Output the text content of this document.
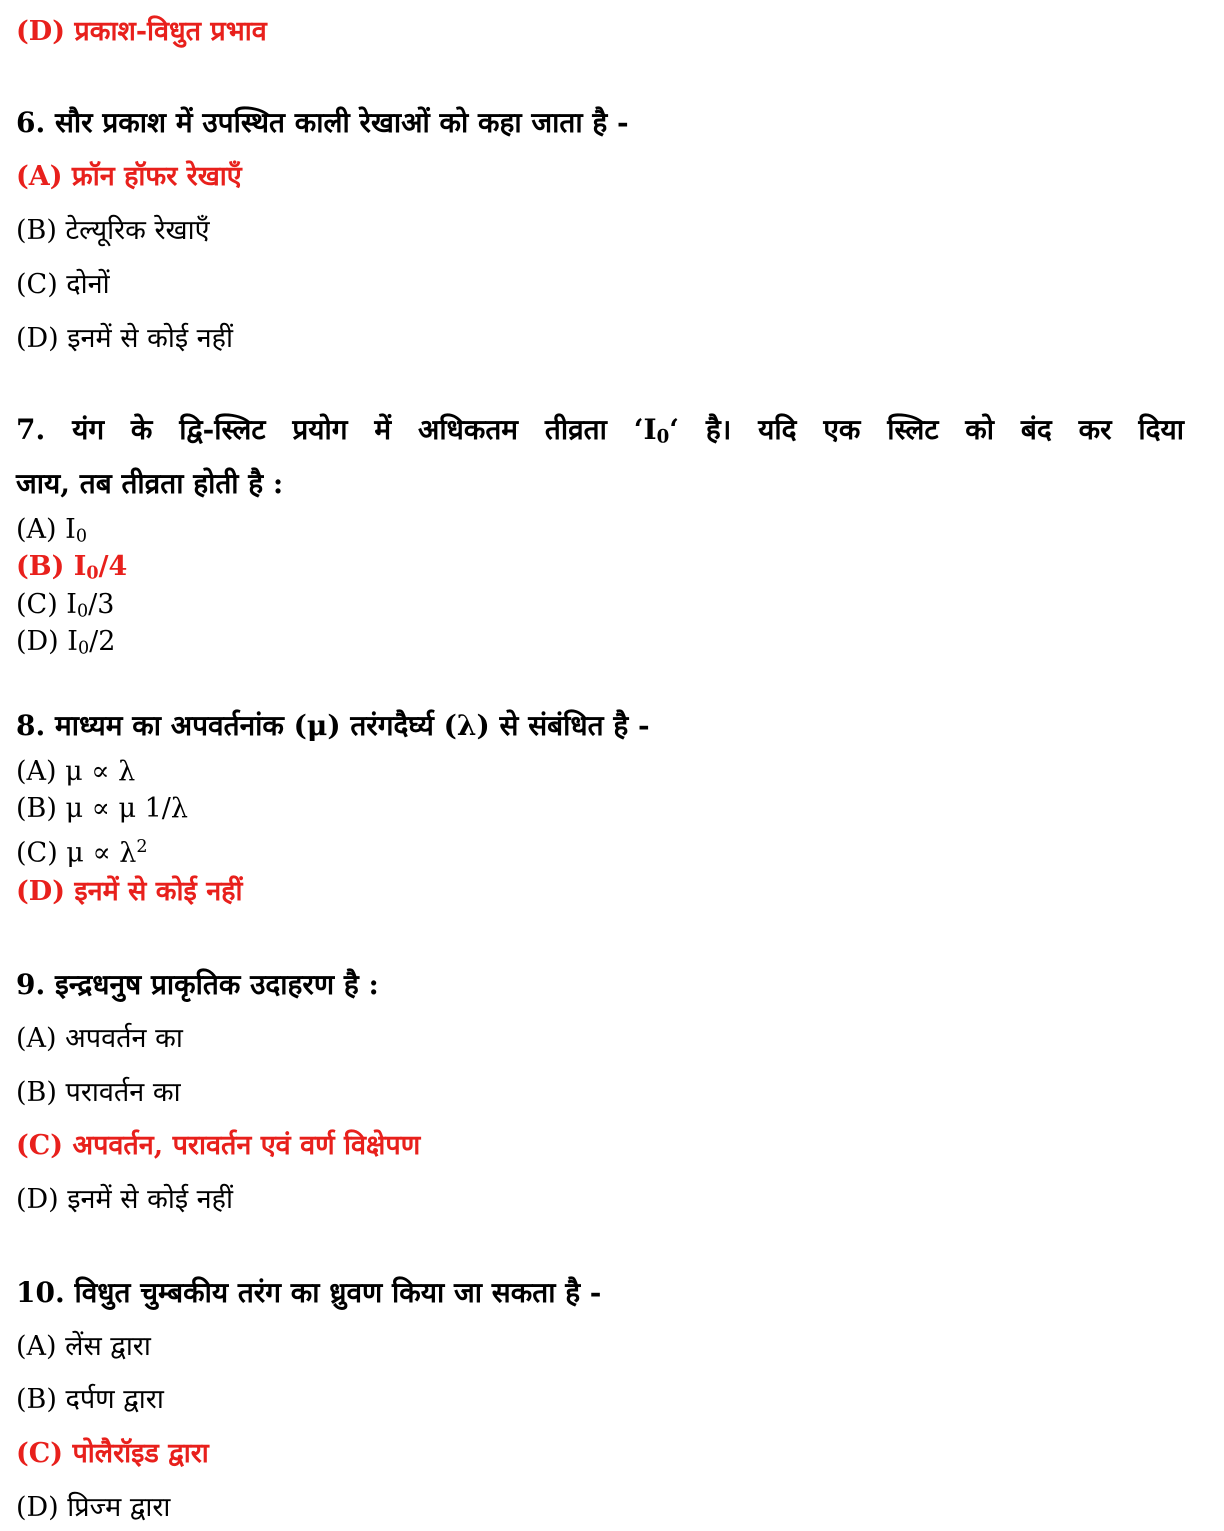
(D) प्रकाश-विधुत प्रभाव
6. सौर प्रकाश में उपस्थित काली रेखाओं को कहा जाता है -
(A) फ्रॉन हॉफर रेखाएँ
(B) टेल्यूरिक रेखाएँ
(C) दोनों
(D) इनमें से कोई नहीं
7. यंग के द्वि-स्लिट प्रयोग में अधिकतम तीव्रता ‘$I_0‘$ है। यदि एक स्लिट को बंद कर दिया
जाय, तब तीव्रता होती है :
(A) $I_0$
(B) $I_0/4$
(C) $I_0/3$
(D) $I_0/2$
8. माध्यम का अपवर्तनांक (μ) तरंगदैर्घ्य (λ) से संबंधित है -
(A) μ ∝ λ
(B) μ ∝ μ 1/λ
(C) $\mu \propto \lambda^2$
(D) इनमें से कोई नहीं
9. इन्द्रधनुष प्राकृतिक उदाहरण है :
(A) अपवर्तन का
(B) परावर्तन का
(C) अपवर्तन, परावर्तन एवं वर्ण विक्षेपण
(D) इनमें से कोई नहीं
10. विधुत चुम्बकीय तरंग का ध्रुवण किया जा सकता है -
(A) लेंस द्वारा
(B) दर्पण द्वारा
(C) पोलैरॉइड द्वारा
(D) प्रिज्म द्वारा
